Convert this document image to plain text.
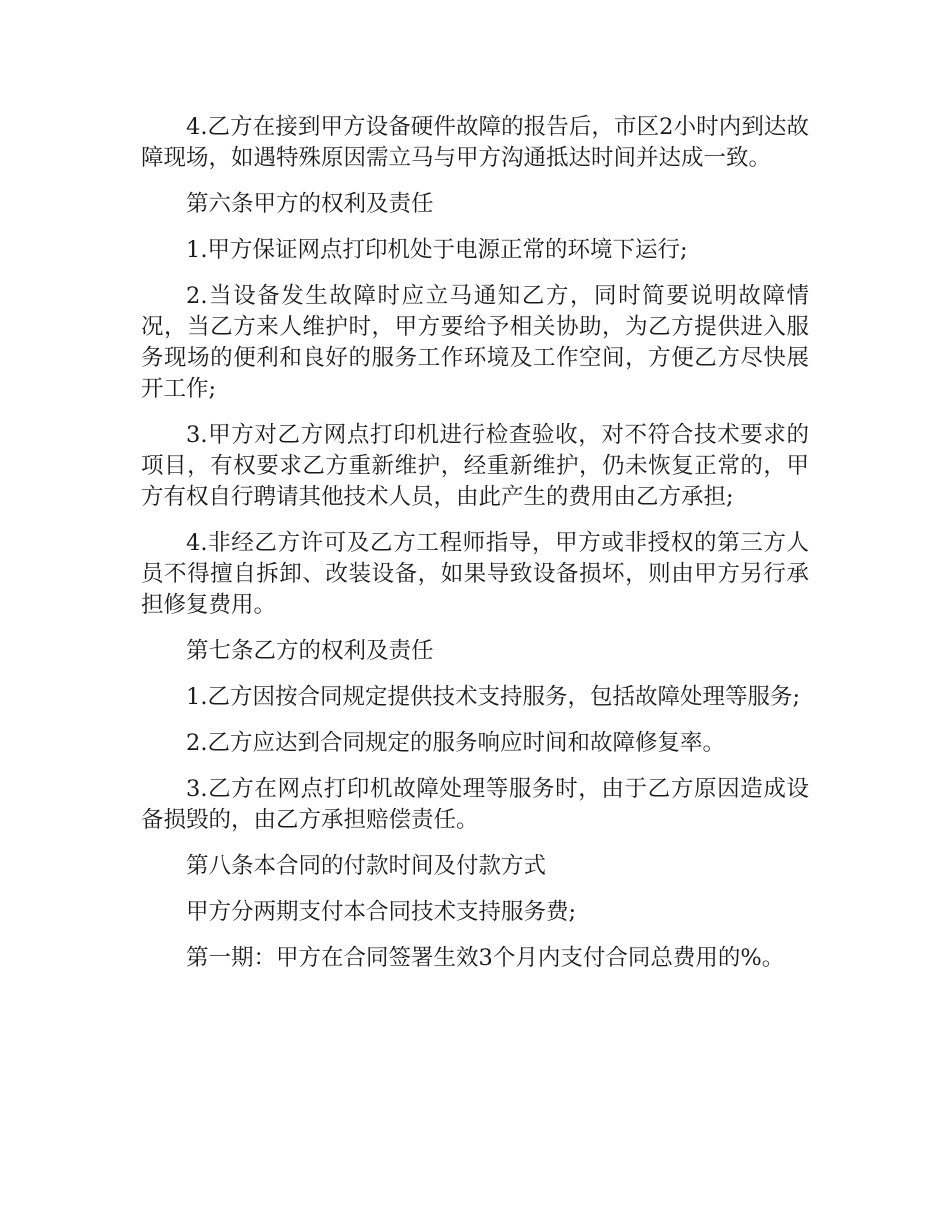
4.乙方在接到甲方设备硬件故障的报告后，市区2小时内到达故障现场，如遇特殊原因需立马与甲方沟通抵达时间并达成一致。

第六条甲方的权利及责任

1.甲方保证网点打印机处于电源正常的环境下运行;

2.当设备发生故障时应立马通知乙方，同时简要说明故障情况，当乙方来人维护时，甲方要给予相关协助，为乙方提供进入服务现场的便利和良好的服务工作环境及工作空间，方便乙方尽快展开工作;

3.甲方对乙方网点打印机进行检查验收，对不符合技术要求的项目，有权要求乙方重新维护，经重新维护，仍未恢复正常的，甲方有权自行聘请其他技术人员，由此产生的费用由乙方承担;

4.非经乙方许可及乙方工程师指导，甲方或非授权的第三方人员不得擅自拆卸、改装设备，如果导致设备损坏，则由甲方另行承担修复费用。

第七条乙方的权利及责任

1.乙方因按合同规定提供技术支持服务，包括故障处理等服务;

2.乙方应达到合同规定的服务响应时间和故障修复率。

3.乙方在网点打印机故障处理等服务时，由于乙方原因造成设备损毁的，由乙方承担赔偿责任。

第八条本合同的付款时间及付款方式

甲方分两期支付本合同技术支持服务费;

第一期：甲方在合同签署生效3个月内支付合同总费用的%。
